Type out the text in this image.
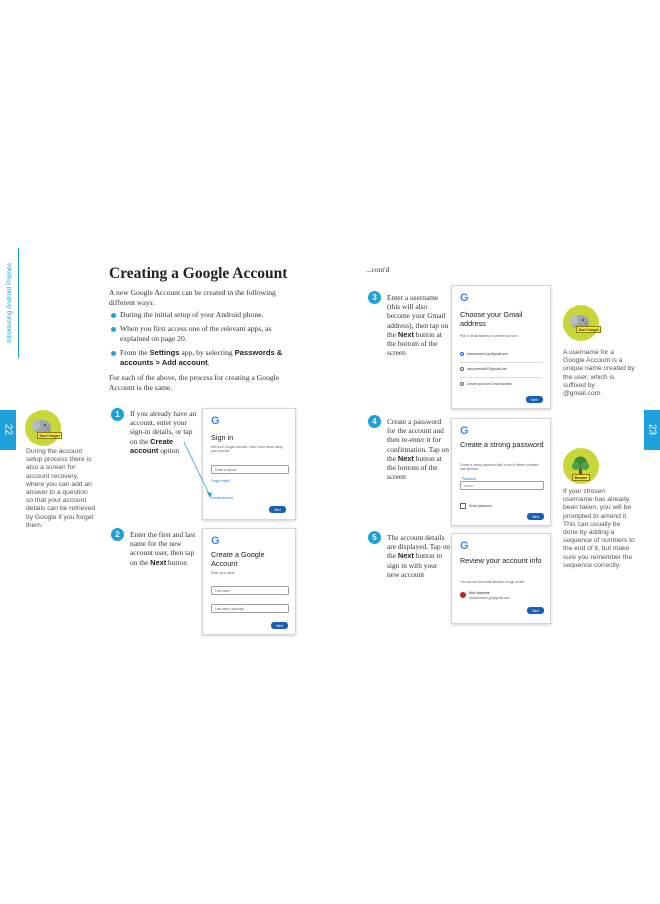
Introducing Android Phones
22	23
Creating a Google Account
A new Google Account can be created in the following different ways:
During the initial setup of your Android phone.
When you first access one of the relevant apps, as explained on page 20.
From the Settings app, by selecting Passwords & accounts > Add account.
For each of the above, the process for creating a Google Account is the same.
Don't forget
During the account setup process there is also a screen for account recovery, where you can add an answer to a question so that your account details can be retrieved by Google if you forget them.
1	If you already have an account, enter your sign-in details, or tap on the Create account option
G
Sign in
with your Google Account. Learn more about using your account
Email or phone
Forgot email?
Create account
Next
2	Enter the first and last name for the new account user, then tap on the Next button
G
Create a Google Account
Enter your name
First name
Last name (optional)
Next
...cont'd
3	Enter a username (this will also become your Gmail address), then tap on the Next button at the bottom of the screen
G
Choose your Gmail address
Pick a Gmail address or create your own
nickvandome.pp@gmail.com
vandomenick87@gmail.com
Create your own Gmail address
Next
Don't forget
A username for a Google Account is a unique name created by the user, which is suffixed by @gmail.com.
4	Create a password for the account and then re-enter it for confirmation. Tap on the Next button at the bottom of the screen
G
Create a strong password
Create a strong password with a mix of letters, numbers and symbols
Password
••••••••
Show password
Next
Beware
If your chosen username has already been taken, you will be prompted to amend it. This can usually be done by adding a sequence of numbers to the end of it, but make sure you remember the sequence correctly.
5	The account details are displayed. Tap on the Next button to sign in with your new account
G
Review your account info
You can use this email address to sign in later
Nick Vandome
nickvandome.pp@gmail.com
Next
